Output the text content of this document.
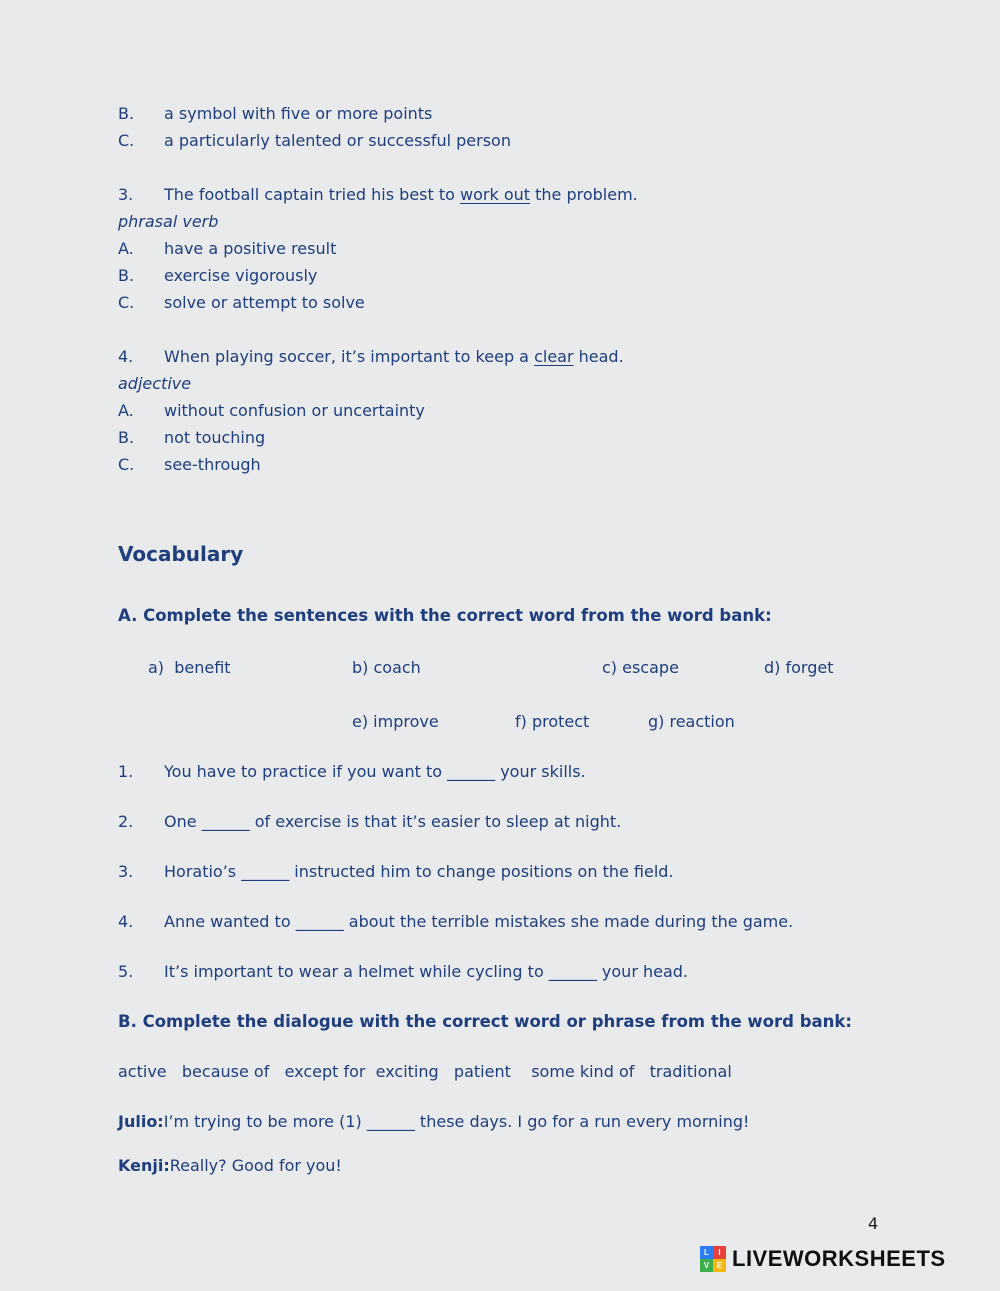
B.	a symbol with five or more points
C.	a particularly talented or successful person
3.	The football captain tried his best to work out the problem.
phrasal verb
A.	have a positive result
B.	exercise vigorously
C.	solve or attempt to solve
4.	When playing soccer, it’s important to keep a clear head.
adjective
A.	without confusion or uncertainty
B.	not touching
C.	see-through
Vocabulary
A. Complete the sentences with the correct word from the word bank:
a)  benefit	b) coach	c) escape	d) forget
e) improve	f) protect	g) reaction
1.	You have to practice if you want to ______ your skills.
2.	One ______ of exercise is that it’s easier to sleep at night.
3.	Horatio’s ______ instructed him to change positions on the field.
4.	Anne wanted to ______ about the terrible mistakes she made during the game.
5.	It’s important to wear a helmet while cycling to ______ your head.
B. Complete the dialogue with the correct word or phrase from the word bank:
active   because of   except for  exciting   patient    some kind of   traditional
Julio:I’m trying to be more (1) ______ these days. I go for a run every morning!
Kenji:Really? Good for you!
4
L	I
V E LIVEWORKSHEETS
